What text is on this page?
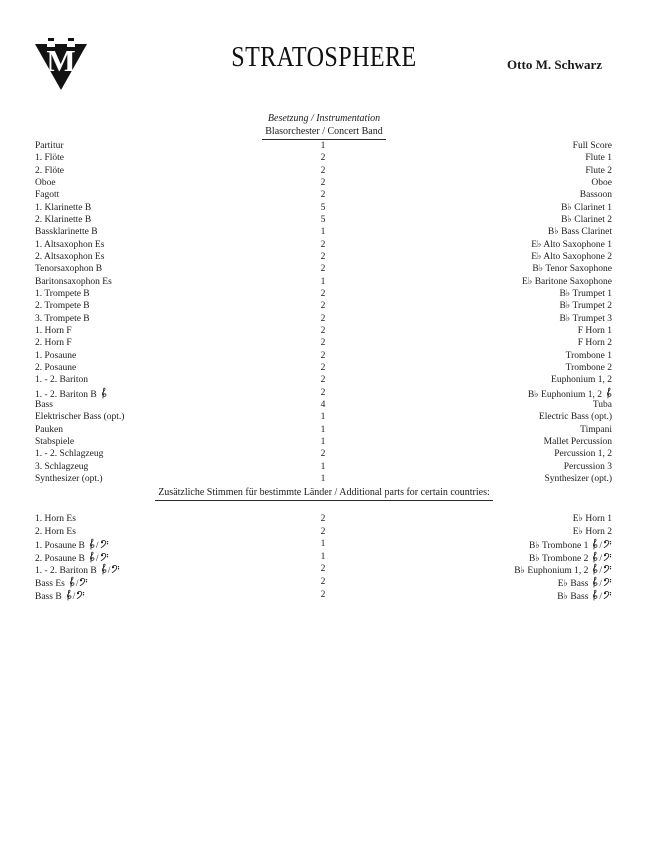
M	STRATOSPHERE	Otto M. Schwarz
Besetzung / Instrumentation
Blasorchester / Concert Band
Partitur	1	Full Score
1. Flöte	2	Flute 1
2. Flöte	2	Flute 2
Oboe	2	Oboe
Fagott	2	Bassoon
1. Klarinette B	5	B♭ Clarinet 1
2. Klarinette B	5	B♭ Clarinet 2
Bassklarinette B	1	B♭ Bass Clarinet
1. Altsaxophon Es	2	E♭ Alto Saxophone 1
2. Altsaxophon Es	2	E♭ Alto Saxophone 2
Tenorsaxophon B	2	B♭ Tenor Saxophone
Baritonsaxophon Es	1	E♭ Baritone Saxophone
1. Trompete B	2	B♭ Trumpet 1
2. Trompete B	2	B♭ Trumpet 2
3. Trompete B	2	B♭ Trumpet 3
1. Horn F	2	F Horn 1
2. Horn F	2	F Horn 2
1. Posaune	2	Trombone 1
2. Posaune	2	Trombone 2
1. - 2. Bariton	2	Euphonium 1, 2
1. - 2. Bariton B	2	B♭ Euphonium 1, 2
Bass	4	Tuba
Elektrischer Bass (opt.)	1	Electric Bass (opt.)
Pauken	1	Timpani
Stabspiele	1	Mallet Percussion
1. - 2. Schlagzeug	2	Percussion 1, 2
3. Schlagzeug	1	Percussion 3
Synthesizer (opt.)	1	Synthesizer (opt.)
Zusätzliche Stimmen für bestimmte Länder / Additional parts for certain countries:
1. Horn Es	2	E♭ Horn 1
2. Horn Es	2	E♭ Horn 2
1. Posaune B /	1	B♭ Trombone 1 /
2. Posaune B /	1	B♭ Trombone 2 /
1. - 2. Bariton B /	2	B♭ Euphonium 1, 2 /
Bass Es /	2	E♭ Bass /
Bass B /	2	B♭ Bass /
